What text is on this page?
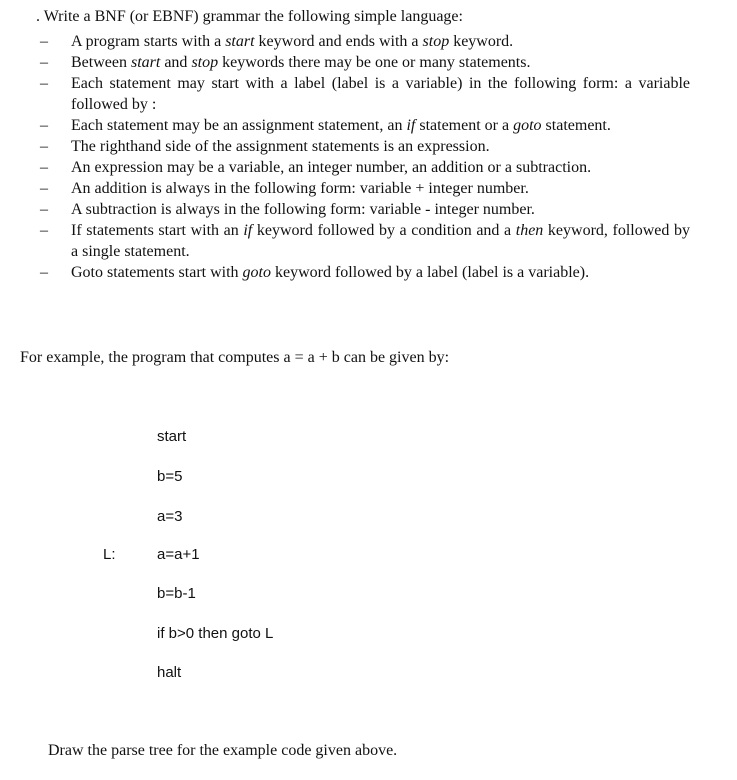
. Write a BNF (or EBNF) grammar the following simple language:
– A program starts with a start keyword and ends with a stop keyword.
– Between start and stop keywords there may be one or many statements.
– Each statement may start with a label (label is a variable) in the following form: a variable followed by :
– Each statement may be an assignment statement, an if statement or a goto statement.
– The righthand side of the assignment statements is an expression.
– An expression may be a variable, an integer number, an addition or a subtraction.
– An addition is always in the following form: variable + integer number.
– A subtraction is always in the following form: variable - integer number.
– If statements start with an if keyword followed by a condition and a then keyword, followed by a single statement.
– Goto statements start with goto keyword followed by a label (label is a variable).
For example, the program that computes a = a + b can be given by:
start
b=5
a=3
L:	a=a+1
b=b-1
if b>0 then goto L
halt
Draw the parse tree for the example code given above.
